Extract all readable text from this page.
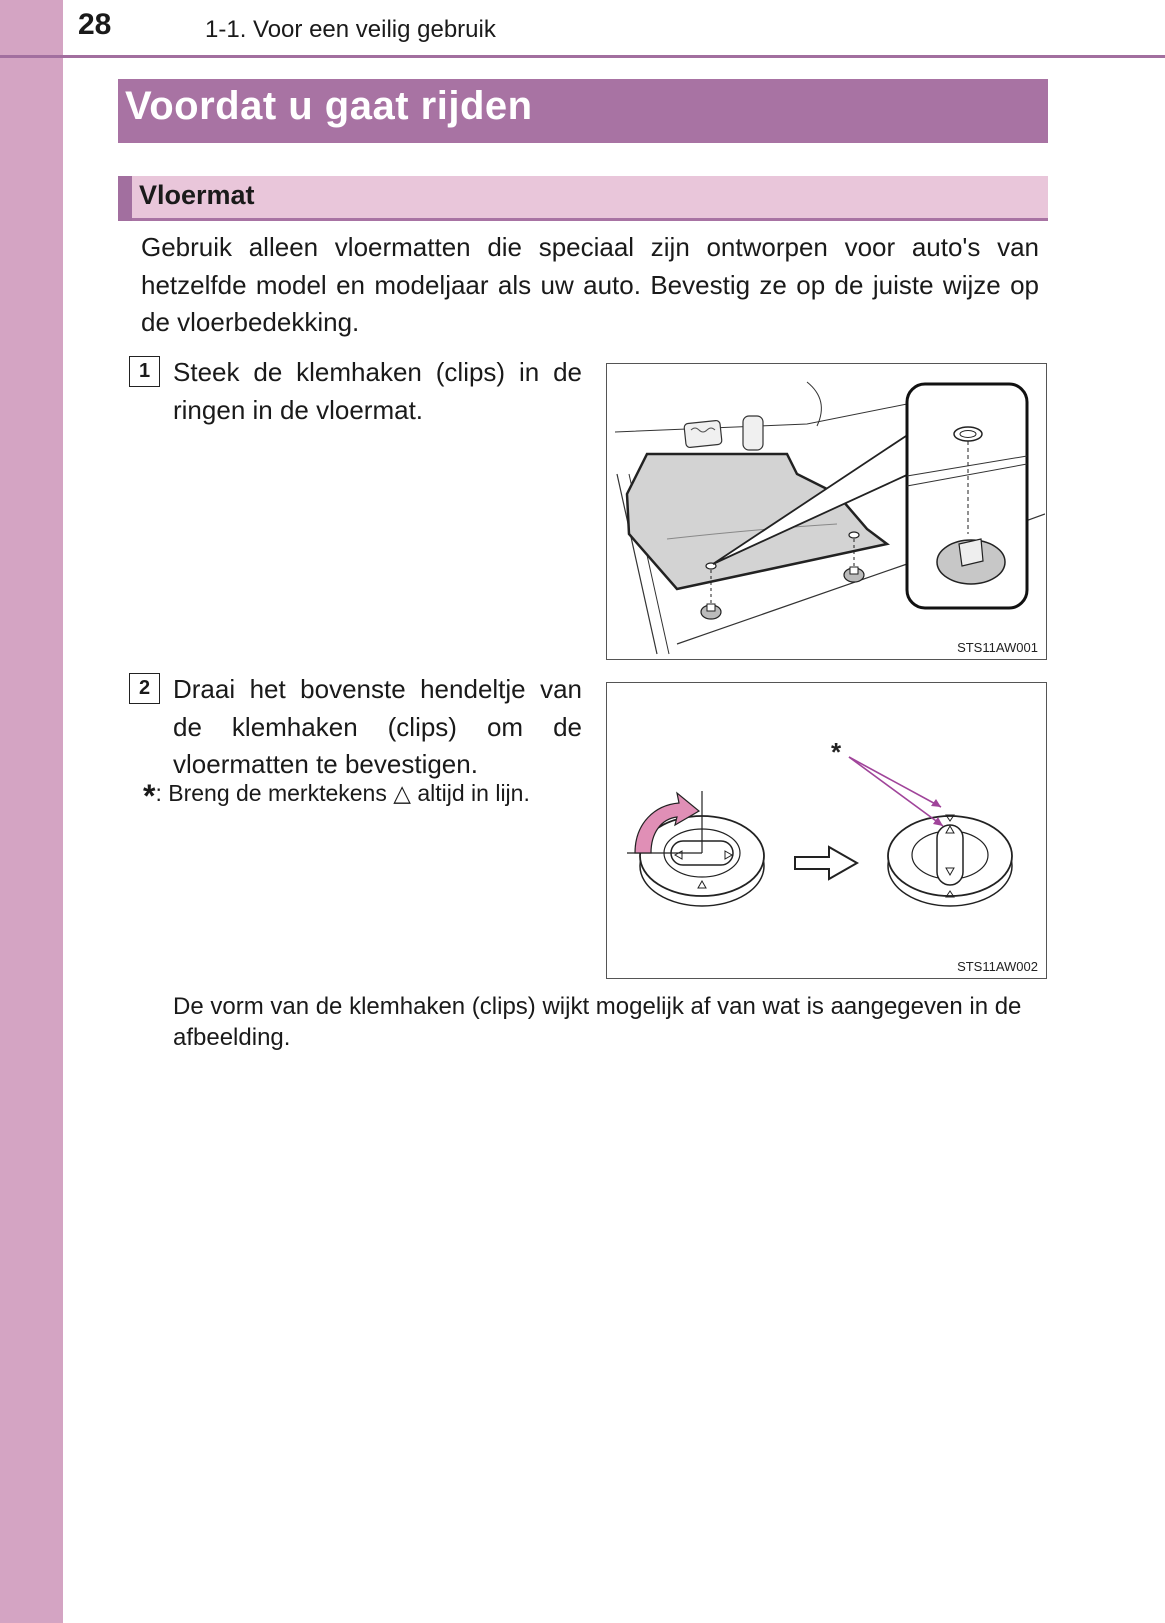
28	1-1. Voor een veilig gebruik
Voordat u gaat rijden
Vloermat

Gebruik alleen vloermatten die speciaal zijn ontworpen voor auto's van hetzelfde model en modeljaar als uw auto. Bevestig ze op de juiste wijze op de vloerbedekking.

1 Steek de klemhaken (clips) in de ringen in de vloermat.

STS11AW001
2 Draai het bovenste hendeltje van de klemhaken (clips) om de vloermatten te bevestigen.

*: Breng de merktekens △ altijd in lijn.
*
STS11AW002

De vorm van de klemhaken (clips) wijkt mogelijk af van wat is aangegeven in de afbeelding.
